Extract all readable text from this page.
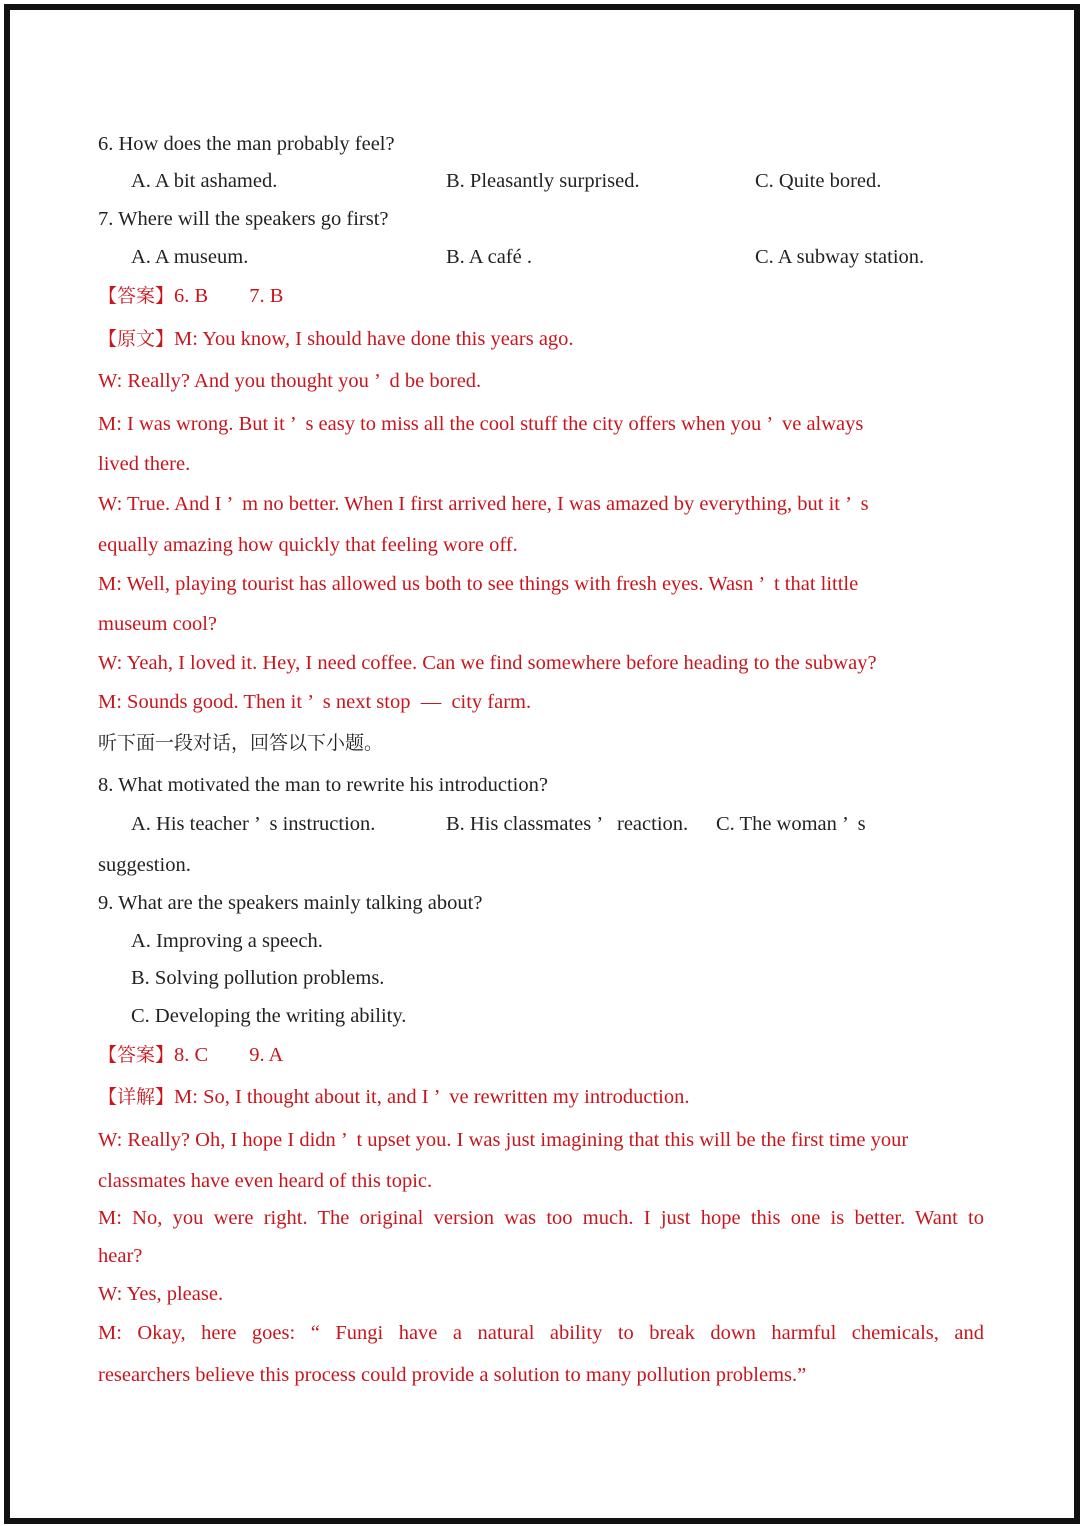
6. How does the man probably feel?
A. A bit ashamed.	B. Pleasantly surprised.	C. Quite bored.
7. Where will the speakers go first?
A. A museum.	B. A café .	C. A subway station.
【答案】6. B        7. B
【原文】M: You know, I should have done this years ago.
W: Really? And you thought you ’  d be bored.
M: I was wrong. But it ’  s easy to miss all the cool stuff the city offers when you ’  ve always
lived there.
W: True. And I ’  m no better. When I first arrived here, I was amazed by everything, but it ’  s
equally amazing how quickly that feeling wore off.
M: Well, playing tourist has allowed us both to see things with fresh eyes. Wasn ’  t that little
museum cool?
W: Yeah, I loved it. Hey, I need coffee. Can we find somewhere before heading to the subway?
M: Sounds good. Then it ’  s next stop  —  city farm.
听下面一段对话，回答以下小题。
8. What motivated the man to rewrite his introduction?
A. His teacher ’  s instruction.	B. His classmates ’   reaction. C. The woman ’  s
suggestion.
9. What are the speakers mainly talking about?
A. Improving a speech.
B. Solving pollution problems.
C. Developing the writing ability.
【答案】8. C        9. A
【详解】M: So, I thought about it, and I ’  ve rewritten my introduction.
W: Really? Oh, I hope I didn ’  t upset you. I was just imagining that this will be the first time your
classmates have even heard of this topic.
M: No, you were right. The original version was too much. I just hope this one is better. Want to
hear?
W: Yes, please.
M: Okay, here goes: “ Fungi have a natural ability to break down harmful chemicals, and
researchers believe this process could provide a solution to many pollution problems.”
